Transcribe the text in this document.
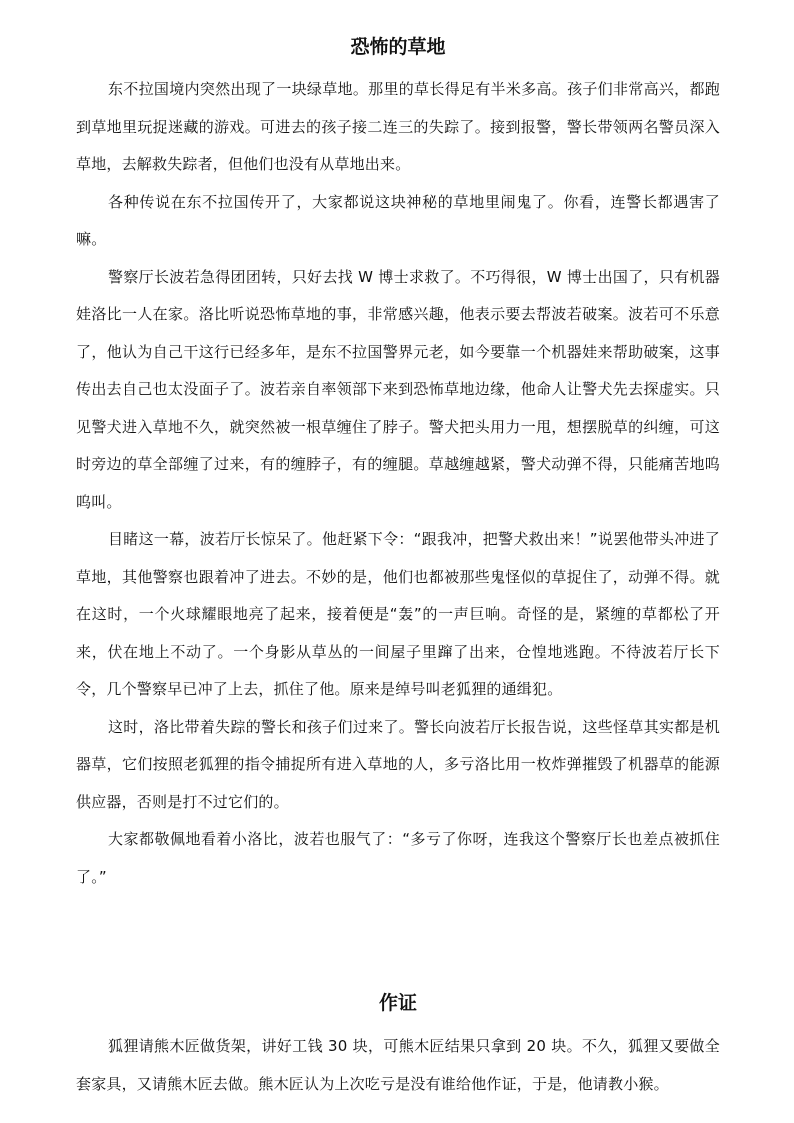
恐怖的草地

东不拉国境内突然出现了一块绿草地。那里的草长得足有半米多高。孩子们非常高兴，都跑到草地里玩捉迷藏的游戏。可进去的孩子接二连三的失踪了。接到报警，警长带领两名警员深入草地，去解救失踪者，但他们也没有从草地出来。

各种传说在东不拉国传开了，大家都说这块神秘的草地里闹鬼了。你看，连警长都遇害了嘛。

警察厅长波若急得团团转，只好去找 W 博士求救了。不巧得很，W 博士出国了，只有机器娃洛比一人在家。洛比听说恐怖草地的事，非常感兴趣，他表示要去帮波若破案。波若可不乐意了，他认为自己干这行已经多年，是东不拉国警界元老，如今要靠一个机器娃来帮助破案，这事传出去自己也太没面子了。波若亲自率领部下来到恐怖草地边缘，他命人让警犬先去探虚实。只见警犬进入草地不久，就突然被一根草缠住了脖子。警犬把头用力一甩，想摆脱草的纠缠，可这时旁边的草全部缠了过来，有的缠脖子，有的缠腿。草越缠越紧，警犬动弹不得，只能痛苦地呜呜叫。

目睹这一幕，波若厅长惊呆了。他赶紧下令：“跟我冲，把警犬救出来！”说罢他带头冲进了草地，其他警察也跟着冲了进去。不妙的是，他们也都被那些鬼怪似的草捉住了，动弹不得。就在这时，一个火球耀眼地亮了起来，接着便是“轰”的一声巨响。奇怪的是，紧缠的草都松了开来，伏在地上不动了。一个身影从草丛的一间屋子里蹿了出来，仓惶地逃跑。不待波若厅长下令，几个警察早已冲了上去，抓住了他。原来是绰号叫老狐狸的通缉犯。

这时，洛比带着失踪的警长和孩子们过来了。警长向波若厅长报告说，这些怪草其实都是机器草，它们按照老狐狸的指令捕捉所有进入草地的人，多亏洛比用一枚炸弹摧毁了机器草的能源供应器，否则是打不过它们的。

大家都敬佩地看着小洛比，波若也服气了：“多亏了你呀，连我这个警察厅长也差点被抓住了。”

作证

狐狸请熊木匠做货架，讲好工钱 30 块，可熊木匠结果只拿到 20 块。不久，狐狸又要做全套家具，又请熊木匠去做。熊木匠认为上次吃亏是没有谁给他作证，于是，他请教小猴。
